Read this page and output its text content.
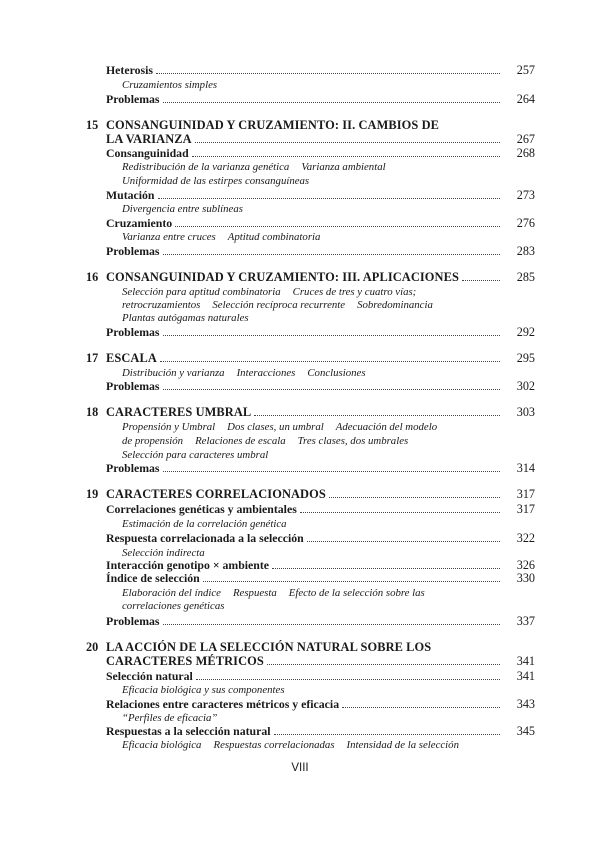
Heterosis	257
Cruzamientos simples
Problemas	264
15 CONSANGUINIDAD Y CRUZAMIENTO: II. CAMBIOS DE
LA VARIANZA	267
Consanguinidad	268
Redistribución de la varianza genética Varianza ambiental
Uniformidad de las estirpes consanguíneas
Mutación	273
Divergencia entre sublíneas
Cruzamiento	276
Varianza entre cruces Aptitud combinatoria
Problemas	283
16 CONSANGUINIDAD Y CRUZAMIENTO: III. APLICACIONES	285
Selección para aptitud combinatoria Cruces de tres y cuatro vías;
retrocruzamientos Selección recíproca recurrente Sobredominancia
Plantas autógamas naturales
Problemas	292
17 ESCALA	295
Distribución y varianza Interacciones Conclusiones
Problemas	302
18 CARACTERES UMBRAL	303
Propensión y Umbral Dos clases, un umbral Adecuación del modelo
de propensión Relaciones de escala Tres clases, dos umbrales
Selección para caracteres umbral
Problemas	314
19 CARACTERES CORRELACIONADOS	317
Correlaciones genéticas y ambientales	317
Estimación de la correlación genética
Respuesta correlacionada a la selección	322
Selección indirecta
Interacción genotipo × ambiente	326
Índice de selección	330
Elaboración del índice Respuesta Efecto de la selección sobre las
correlaciones genéticas
Problemas	337
20 LA ACCIÓN DE LA SELECCIÓN NATURAL SOBRE LOS
CARACTERES MÉTRICOS	341
Selección natural	341
Eficacia biológica y sus componentes
Relaciones entre caracteres métricos y eficacia	343
“Perfiles de eficacia”
Respuestas a la selección natural	345
Eficacia biológica Respuestas correlacionadas Intensidad de la selección
VIII
